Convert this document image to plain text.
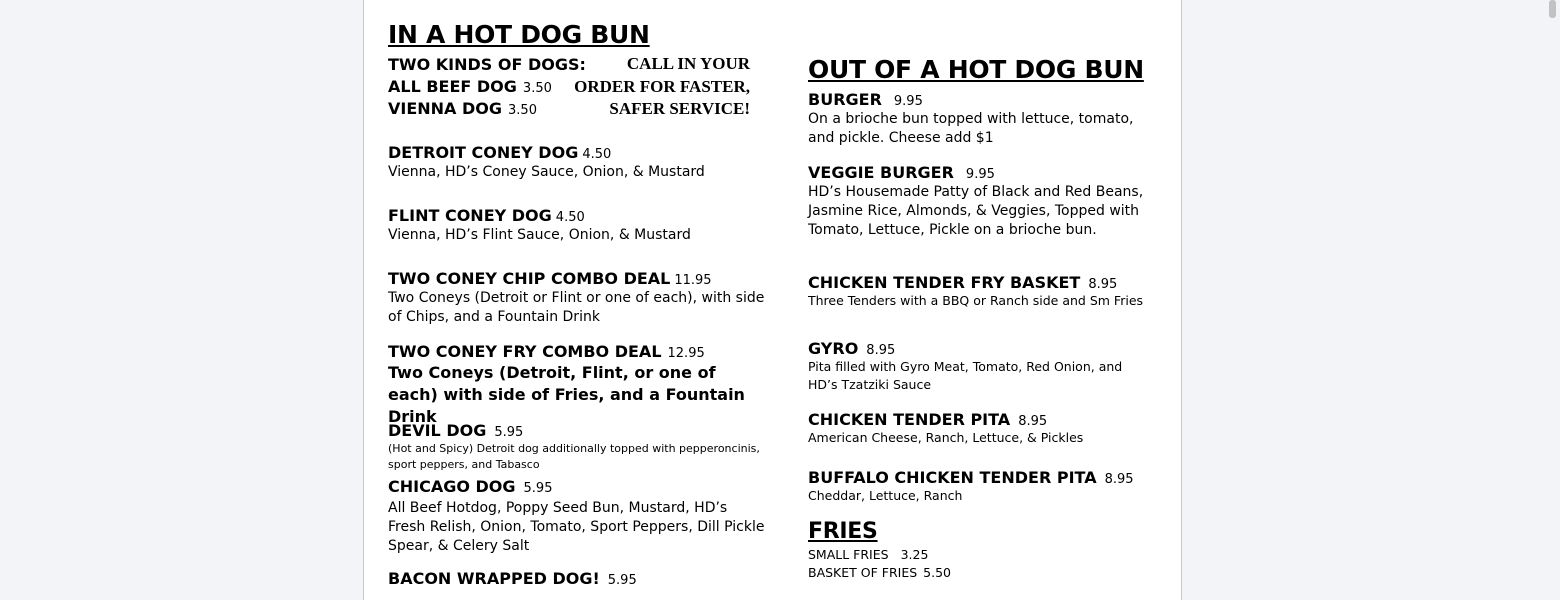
IN A HOT DOG BUN
TWO KINDS OF DOGS:
ALL BEEF DOG 3.50
VIENNA DOG 3.50
CALL IN YOUR
ORDER FOR FASTER,
SAFER SERVICE!
DETROIT CONEY DOG 4.50
Vienna, HD’s Coney Sauce, Onion, & Mustard
FLINT CONEY DOG 4.50
Vienna, HD’s Flint Sauce, Onion, & Mustard
TWO CONEY CHIP COMBO DEAL 11.95
Two Coneys (Detroit or Flint or one of each), with side of Chips, and a Fountain Drink
TWO CONEY FRY COMBO DEAL 12.95
Two Coneys (Detroit, Flint, or one of each) with side of Fries, and a Fountain Drink
DEVIL DOG 5.95
(Hot and Spicy) Detroit dog additionally topped with pepperoncinis, sport peppers, and Tabasco
CHICAGO DOG 5.95
All Beef Hotdog, Poppy Seed Bun, Mustard, HD’s Fresh Relish, Onion, Tomato, Sport Peppers, Dill Pickle Spear, & Celery Salt
BACON WRAPPED DOG! 5.95
OUT OF A HOT DOG BUN
BURGER 9.95
On a brioche bun topped with lettuce, tomato, and pickle. Cheese add $1
VEGGIE BURGER 9.95
HD’s Housemade Patty of Black and Red Beans, Jasmine Rice, Almonds, & Veggies, Topped with Tomato, Lettuce, Pickle on a brioche bun.
CHICKEN TENDER FRY BASKET 8.95
Three Tenders with a BBQ or Ranch side and Sm Fries
GYRO 8.95
Pita filled with Gyro Meat, Tomato, Red Onion, and HD’s Tzatziki Sauce
CHICKEN TENDER PITA 8.95
American Cheese, Ranch, Lettuce, & Pickles
BUFFALO CHICKEN TENDER PITA 8.95
Cheddar, Lettuce, Ranch
FRIES
SMALL FRIES 3.25
BASKET OF FRIES 5.50
